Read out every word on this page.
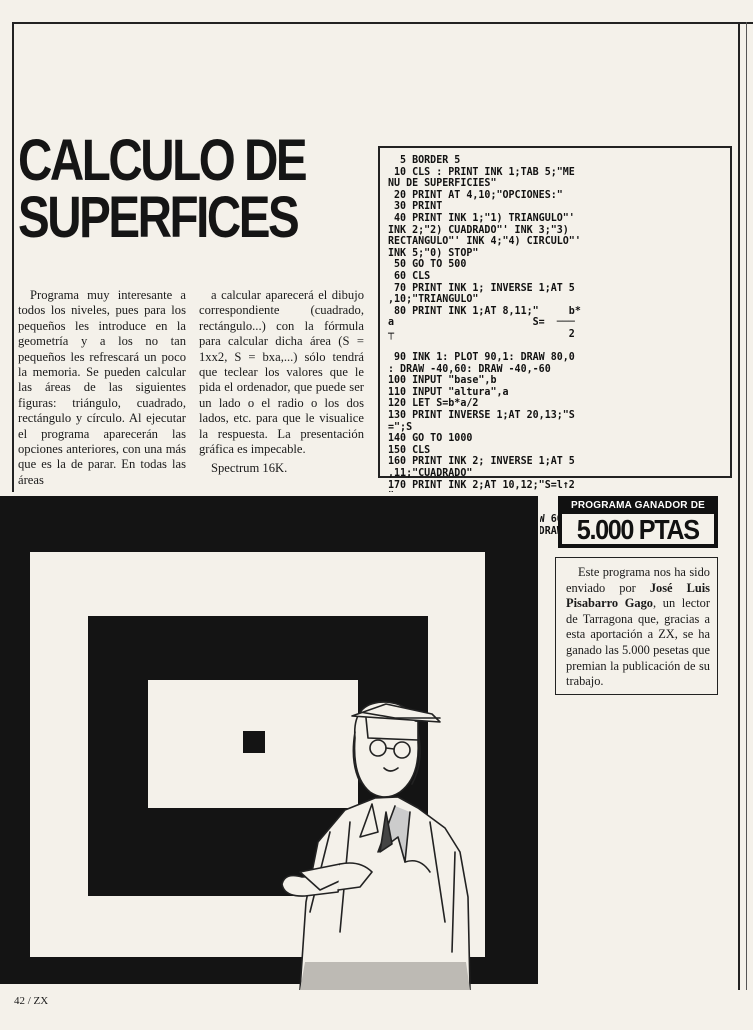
CALCULO DE
SUPERFICES

Programa muy interesante a todos los niveles, pues para los pequeños les introduce en la geometría y a los no tan pequeños les refrescará un poco la memoria. Se pueden calcular las áreas de las siguientes figuras: triángulo, cuadrado, rectángulo y círculo. Al ejecutar el programa aparecerán las opciones anteriores, con una más que es la de parar. En todas las áreas

a calcular aparecerá el dibujo correspondiente (cuadrado, rectángulo...) con la fórmula para calcular dicha área (S = 1xx2, S = bxa,...) sólo tendrá que teclear los valores que le pida el ordenador, que puede ser un lado o el radio o los dos lados, etc. para que le visualice la respuesta. La presentación gráfica es impecable.

Spectrum 16K.

5 BORDER 5
10 CLS : PRINT INK 1;TAB 5;"ME
NU DE SUPERFICIES"
20 PRINT AT 4,10;"OPCIONES:"
30 PRINT
40 PRINT INK 1;"1) TRIANGULO"'
INK 2;"2) CUADRADO"' INK 3;"3)
RECTANGULO"' INK 4;"4) CIRCULO"'
INK 5;"0) STOP"
50 GO TO 500
60 CLS
70 PRINT INK 1; INVERSE 1;AT 5
,10;"TRIANGULO"
80 PRINT INK 1;AT 8,11;"     b*
a                       S=  ───
┬                             2

90 INK 1: PLOT 90,1: DRAW 80,0
: DRAW -40,60: DRAW -40,-60
100 INPUT "base",b
110 INPUT "altura",a
120 LET S=b*a/2
130 PRINT INVERSE 1;AT 20,13;"S
=";S
140 GO TO 1000
150 CLS
160 PRINT INK 2; INVERSE 1;AT 5
,11;"CUADRADO"
170 PRINT INK 2;AT 10,12;"S=l↑2

DRAW

PROGRAMA GANADOR DE
5.000 PTAS

Este programa nos ha sido enviado por José Luis Pisabarro Gago, un lector de Tarragona que, gracias a esta aportación a ZX, se ha ganado las 5.000 pesetas que premian la publicación de su trabajo.

42 / ZX
